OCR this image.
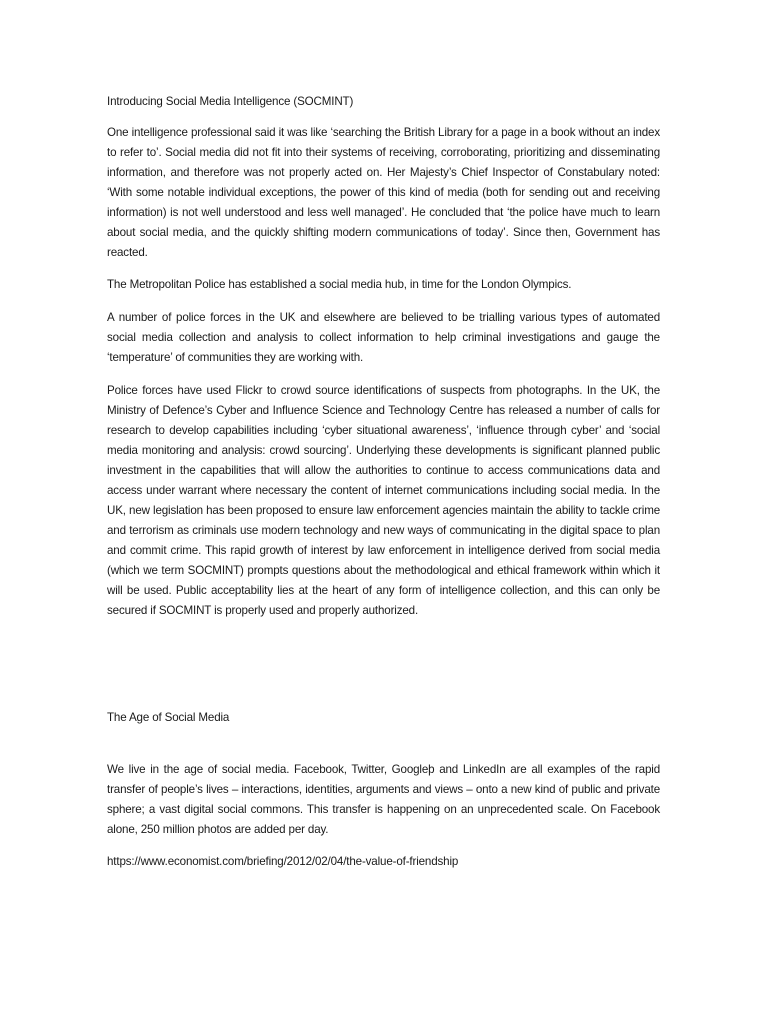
Introducing Social Media Intelligence (SOCMINT)

One intelligence professional said it was like ‘searching the British Library for a page in a book without an index to refer to’. Social media did not fit into their systems of receiving, corroborating, prioritizing and disseminating information, and therefore was not properly acted on. Her Majesty’s Chief Inspector of Constabulary noted: ‘With some notable individual exceptions, the power of this kind of media (both for sending out and receiving information) is not well understood and less well managed’. He concluded that ‘the police have much to learn about social media, and the quickly shifting modern communications of today’. Since then, Government has reacted.

The Metropolitan Police has established a social media hub, in time for the London Olympics.

A number of police forces in the UK and elsewhere are believed to be trialling various types of automated social media collection and analysis to collect information to help criminal investigations and gauge the ‘temperature’ of communities they are working with.

Police forces have used Flickr to crowd source identifications of suspects from photographs. In the UK, the Ministry of Defence’s Cyber and Influence Science and Technology Centre has released a number of calls for research to develop capabilities including ‘cyber situational awareness’, ‘influence through cyber’ and ‘social media monitoring and analysis: crowd sourcing’. Underlying these developments is significant planned public investment in the capabilities that will allow the authorities to continue to access communications data and access under warrant where necessary the content of internet communications including social media. In the UK, new legislation has been proposed to ensure law enforcement agencies maintain the ability to tackle crime and terrorism as criminals use modern technology and new ways of communicating in the digital space to plan and commit crime. This rapid growth of interest by law enforcement in intelligence derived from social media (which we term SOCMINT) prompts questions about the methodological and ethical framework within which it will be used. Public acceptability lies at the heart of any form of intelligence collection, and this can only be secured if SOCMINT is properly used and properly authorized.

The Age of Social Media

We live in the age of social media. Facebook, Twitter, Googleþ and LinkedIn are all examples of the rapid transfer of people’s lives – interactions, identities, arguments and views – onto a new kind of public and private sphere; a vast digital social commons. This transfer is happening on an unprecedented scale. On Facebook alone, 250 million photos are added per day.

https://www.economist.com/briefing/2012/02/04/the-value-of-friendship
